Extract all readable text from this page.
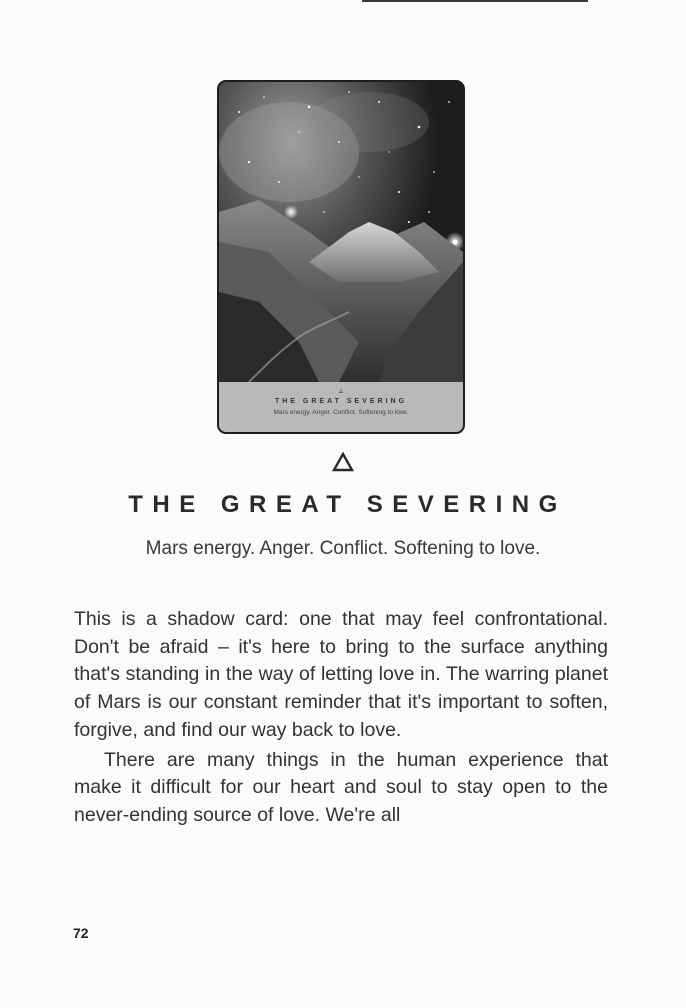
▵
THE GREAT SEVERING
Mars energy. Anger. Conflict. Softening to love.
THE GREAT SEVERING
Mars energy. Anger. Conflict. Softening to love.

This is a shadow card: one that may feel confrontational. Don't be afraid – it's here to bring to the surface anything that's standing in the way of letting love in. The warring planet of Mars is our constant reminder that it's important to soften, forgive, and find our way back to love.

There are many things in the human experience that make it difficult for our heart and soul to stay open to the never-ending source of love. We're all

72
